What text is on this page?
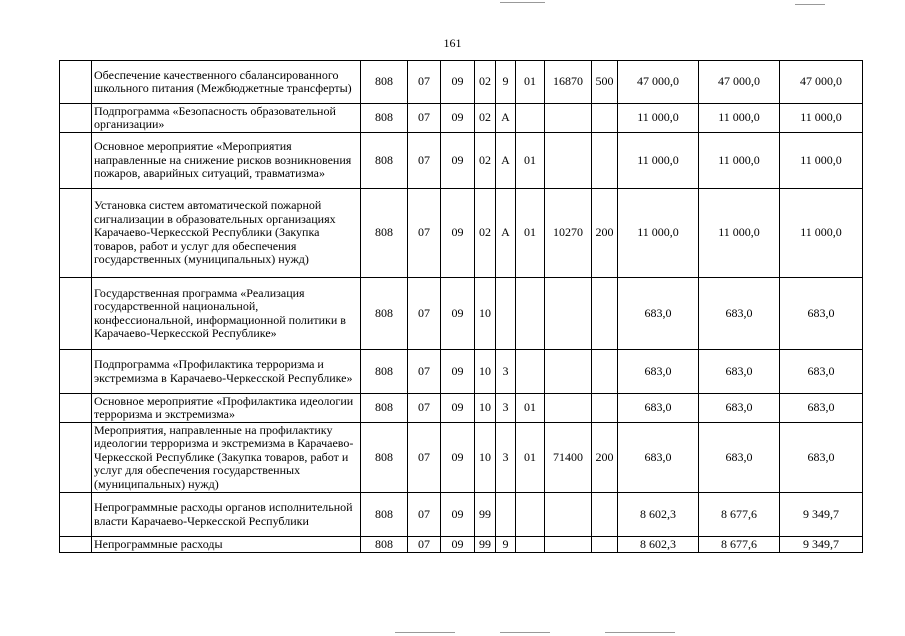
161
	Обеспечение качественного сбалансированного школьного питания (Межбюджетные трансферты)	808	07	09	02	9	01	16870	500	47 000,0	47 000,0	47 000,0
	Подпрограмма «Безопасность образовательной организации»	808	07	09	02	А				11 000,0	11 000,0	11 000,0
	Основное мероприятие «Мероприятия направленные на снижение рисков возникновения пожаров, аварийных ситуаций, травматизма»	808	07	09	02	А	01			11 000,0	11 000,0	11 000,0
	Установка систем автоматической пожарной сигнализации в образовательных организациях Карачаево-Черкесской Республики (Закупка товаров, работ и услуг для обеспечения государственных (муниципальных) нужд)	808	07	09	02	А	01	10270	200	11 000,0	11 000,0	11 000,0
	Государственная программа «Реализация государственной национальной, конфессиональной, информационной политики в Карачаево-Черкесской Республике»	808	07	09	10					683,0	683,0	683,0
	Подпрограмма «Профилактика терроризма и экстремизма в Карачаево-Черкесской Республике»	808	07	09	10	3				683,0	683,0	683,0
	Основное мероприятие «Профилактика идеологии терроризма и экстремизма»	808	07	09	10	3	01			683,0	683,0	683,0
	Мероприятия, направленные на профилактику идеологии терроризма и экстремизма в Карачаево-Черкесской Республике (Закупка товаров, работ и услуг для обеспечения государственных (муниципальных) нужд)	808	07	09	10	3	01	71400	200	683,0	683,0	683,0
	Непрограммные расходы органов исполнительной власти Карачаево-Черкесской Республики	808	07	09	99					8 602,3	8 677,6	9 349,7
	Непрограммные расходы	808	07	09	99	9				8 602,3	8 677,6	9 349,7
